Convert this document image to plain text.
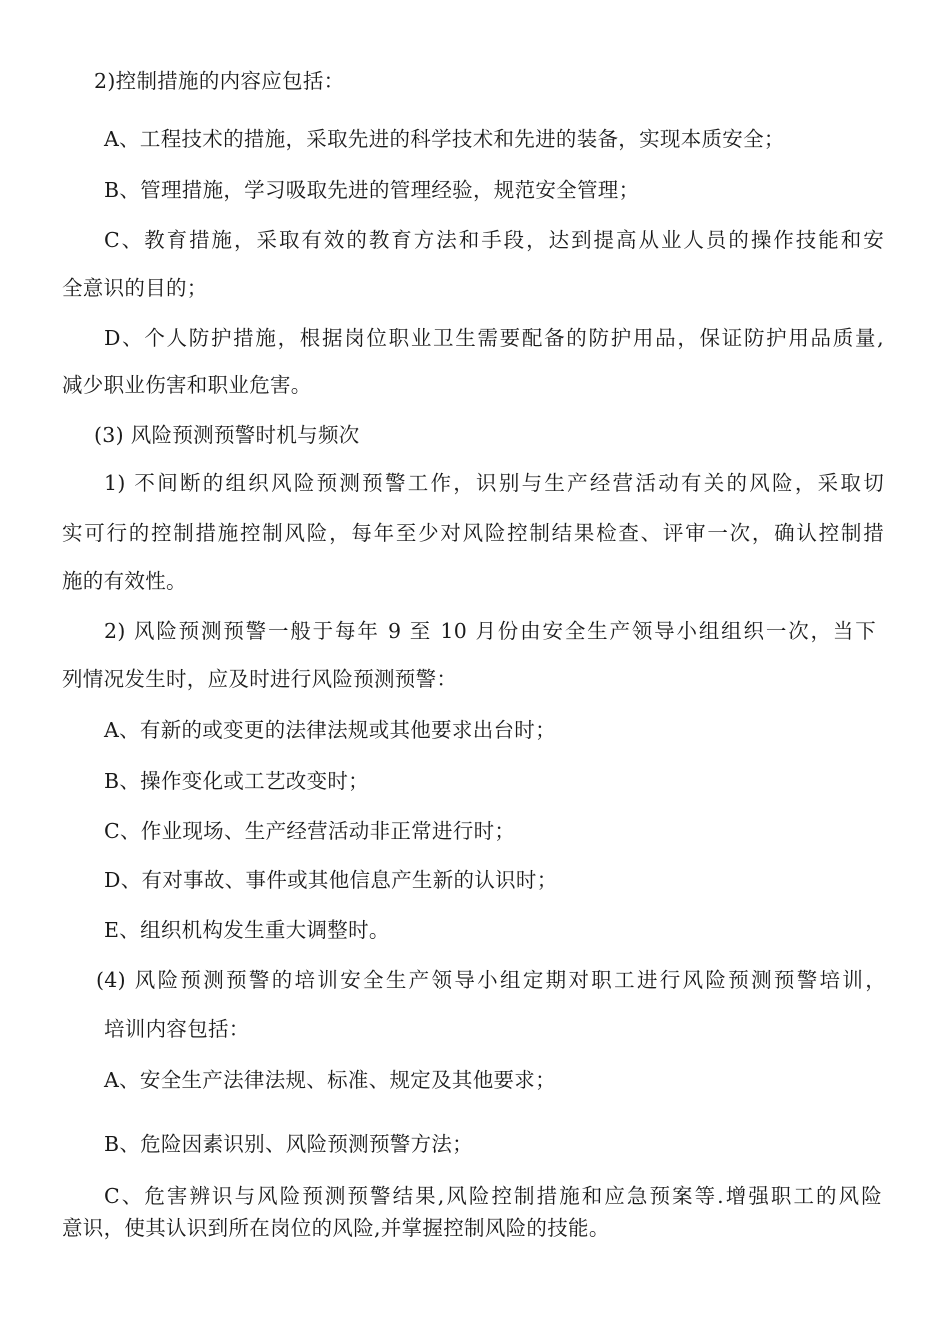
2)控制措施的内容应包括：
A、工程技术的措施，采取先进的科学技术和先进的装备，实现本质安全；
B、管理措施，学习吸取先进的管理经验，规范安全管理；
C、教育措施，采取有效的教育方法和手段，达到提高从业人员的操作技能和安
全意识的目的；
D、个人防护措施，根据岗位职业卫生需要配备的防护用品，保证防护用品质量,
减少职业伤害和职业危害。
(3) 风险预测预警时机与频次
1) 不间断的组织风险预测预警工作，识别与生产经营活动有关的风险，采取切
实可行的控制措施控制风险，每年至少对风险控制结果检查、评审一次，确认控制措
施的有效性。
2) 风险预测预警一般于每年 9 至 10 月份由安全生产领导小组组织一次，当下
列情况发生时，应及时进行风险预测预警：
A、有新的或变更的法律法规或其他要求出台时；
B、操作变化或工艺改变时；
C、作业现场、生产经营活动非正常进行时；
D、有对事故、事件或其他信息产生新的认识时；
E、组织机构发生重大调整时。
(4) 风险预测预警的培训安全生产领导小组定期对职工进行风险预测预警培训，
培训内容包括：
A、安全生产法律法规、标准、规定及其他要求；
B、危险因素识别、风险预测预警方法；
C、危害辨识与风险预测预警结果,风险控制措施和应急预案等.增强职工的风险
意识，使其认识到所在岗位的风险,并掌握控制风险的技能。
